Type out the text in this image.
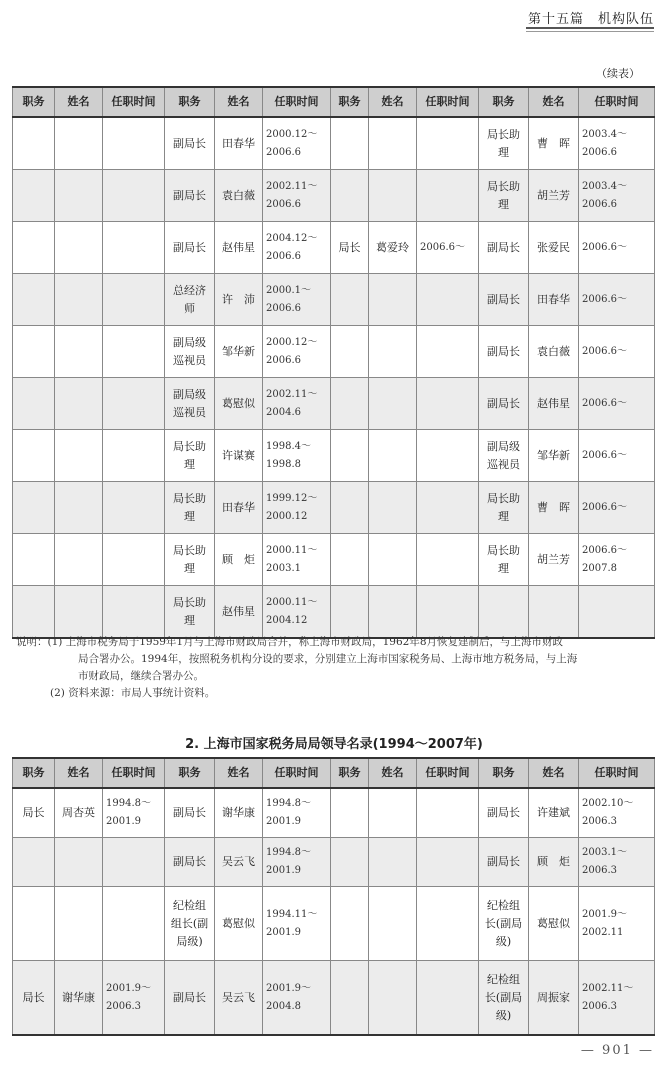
第十五篇　机构队伍
（续表）
职务	姓名	任职时间	职务	姓名	任职时间	职务	姓名	任职时间	职务	姓名	任职时间
			副局长	田春华	2000.12～2006.6				局长助理	曹　晖	2003.4～2006.6
			副局长	袁白薇	2002.11～2006.6				局长助理	胡兰芳	2003.4～2006.6
			副局长	赵伟星	2004.12～2006.6	局长	葛爱玲	2006.6～	副局长	张爱民	2006.6～
			总经济师	许　沛	2000.1～2006.6				副局长	田春华	2006.6～
			副局级巡视员	邹华新	2000.12～2006.6				副局长	袁白薇	2006.6～
			副局级巡视员	葛慰似	2002.11～2004.6				副局长	赵伟星	2006.6～
			局长助理	许谋赛	1998.4～1998.8				副局级巡视员	邹华新	2006.6～
			局长助理	田春华	1999.12～2000.12				局长助理	曹　晖	2006.6～
			局长助理	顾　炬	2000.11～2003.1				局长助理	胡兰芳	2006.6～2007.8
			局长助理	赵伟星	2000.11～2004.12						
说明：(1) 上海市税务局于1959年1月与上海市财政局合并，称上海市财政局，1962年8月恢复建制后，与上海市财政
局合署办公。1994年，按照税务机构分设的要求，分别建立上海市国家税务局、上海市地方税务局，与上海
市财政局，继续合署办公。
(2) 资料来源：市局人事统计资料。
2. 上海市国家税务局局领导名录(1994～2007年)
职务	姓名	任职时间	职务	姓名	任职时间	职务	姓名	任职时间	职务	姓名	任职时间
局长	周杏英	1994.8～2001.9	副局长	谢华康	1994.8～2001.9				副局长	许建斌	2002.10～2006.3
			副局长	吴云飞	1994.8～2001.9				副局长	顾　炬	2003.1～2006.3
			纪检组组长(副局级)	葛慰似	1994.11～2001.9				纪检组长(副局级)	葛慰似	2001.9～2002.11
局长	谢华康	2001.9～2006.3	副局长	吴云飞	2001.9～2004.8				纪检组长(副局级)	周振家	2002.11～2006.3
— 901 —
